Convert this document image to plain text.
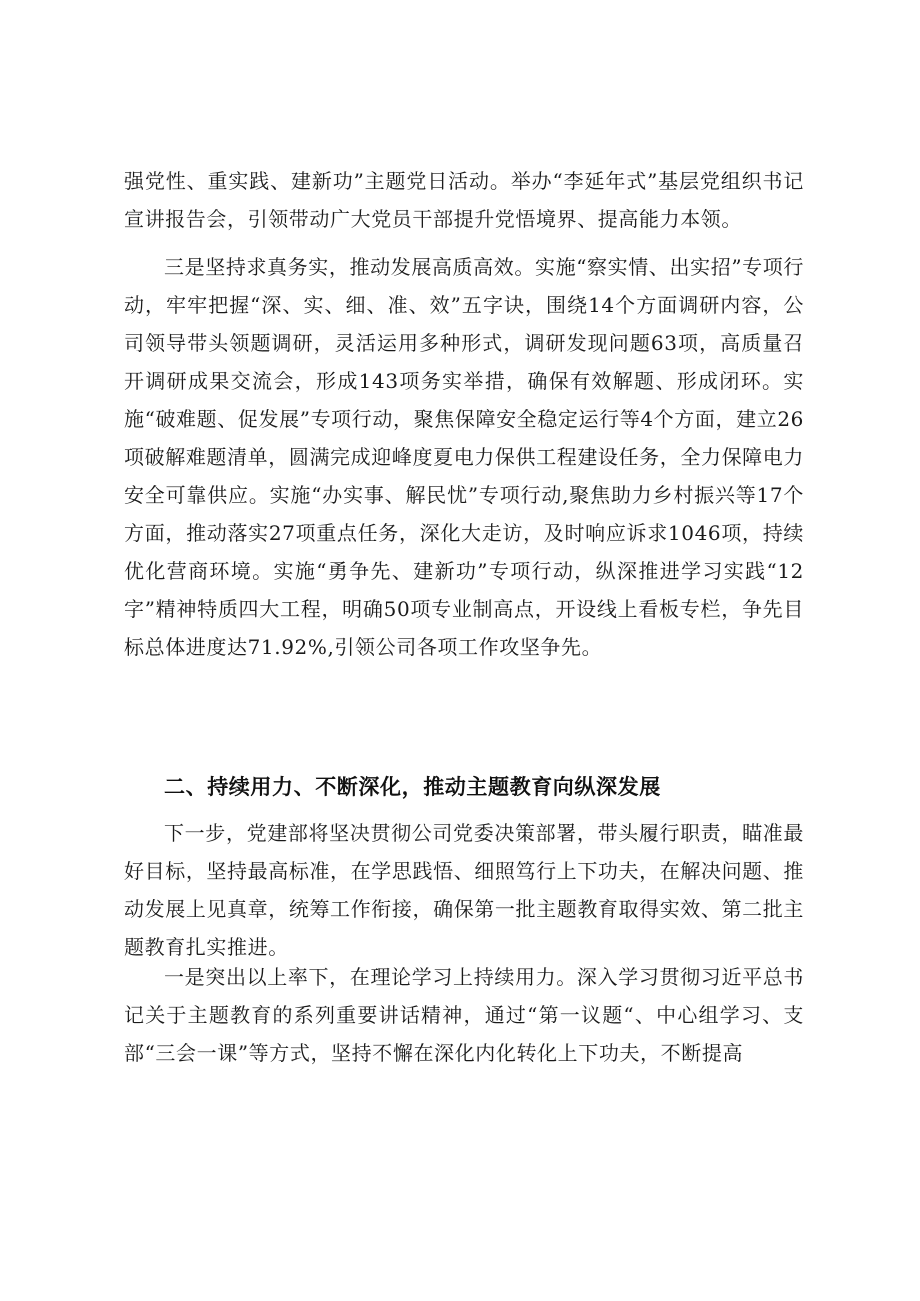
强党性、重实践、建新功”主题党日活动。举办“李延年式”基层党组织书记宣讲报告会，引领带动广大党员干部提升党悟境界、提高能力本领。

三是坚持求真务实，推动发展高质高效。实施“察实情、出实招”专项行动，牢牢把握“深、实、细、准、效”五字诀，围绕14个方面调研内容，公司领导带头领题调研，灵活运用多种形式，调研发现问题63项，高质量召开调研成果交流会，形成143项务实举措，确保有效解题、形成闭环。实施“破难题、促发展”专项行动，聚焦保障安全稳定运行等4个方面，建立26项破解难题清单，圆满完成迎峰度夏电力保供工程建设任务，全力保障电力安全可靠供应。实施“办实事、解民忧”专项行动,聚焦助力乡村振兴等17个方面，推动落实27项重点任务，深化大走访，及时响应诉求1046项，持续优化营商环境。实施“勇争先、建新功”专项行动，纵深推进学习实践“12字”精神特质四大工程，明确50项专业制高点，开设线上看板专栏，争先目标总体进度达71.92%,引领公司各项工作攻坚争先。

二、持续用力、不断深化，推动主题教育向纵深发展

下一步，党建部将坚决贯彻公司党委决策部署，带头履行职责，瞄准最好目标，坚持最高标准，在学思践悟、细照笃行上下功夫，在解决问题、推动发展上见真章，统筹工作衔接，确保第一批主题教育取得实效、第二批主题教育扎实推进。

一是突出以上率下，在理论学习上持续用力。深入学习贯彻习近平总书记关于主题教育的系列重要讲话精神，通过“第一议题“、中心组学习、支部“三会一课”等方式，坚持不懈在深化内化转化上下功夫，不断提高
